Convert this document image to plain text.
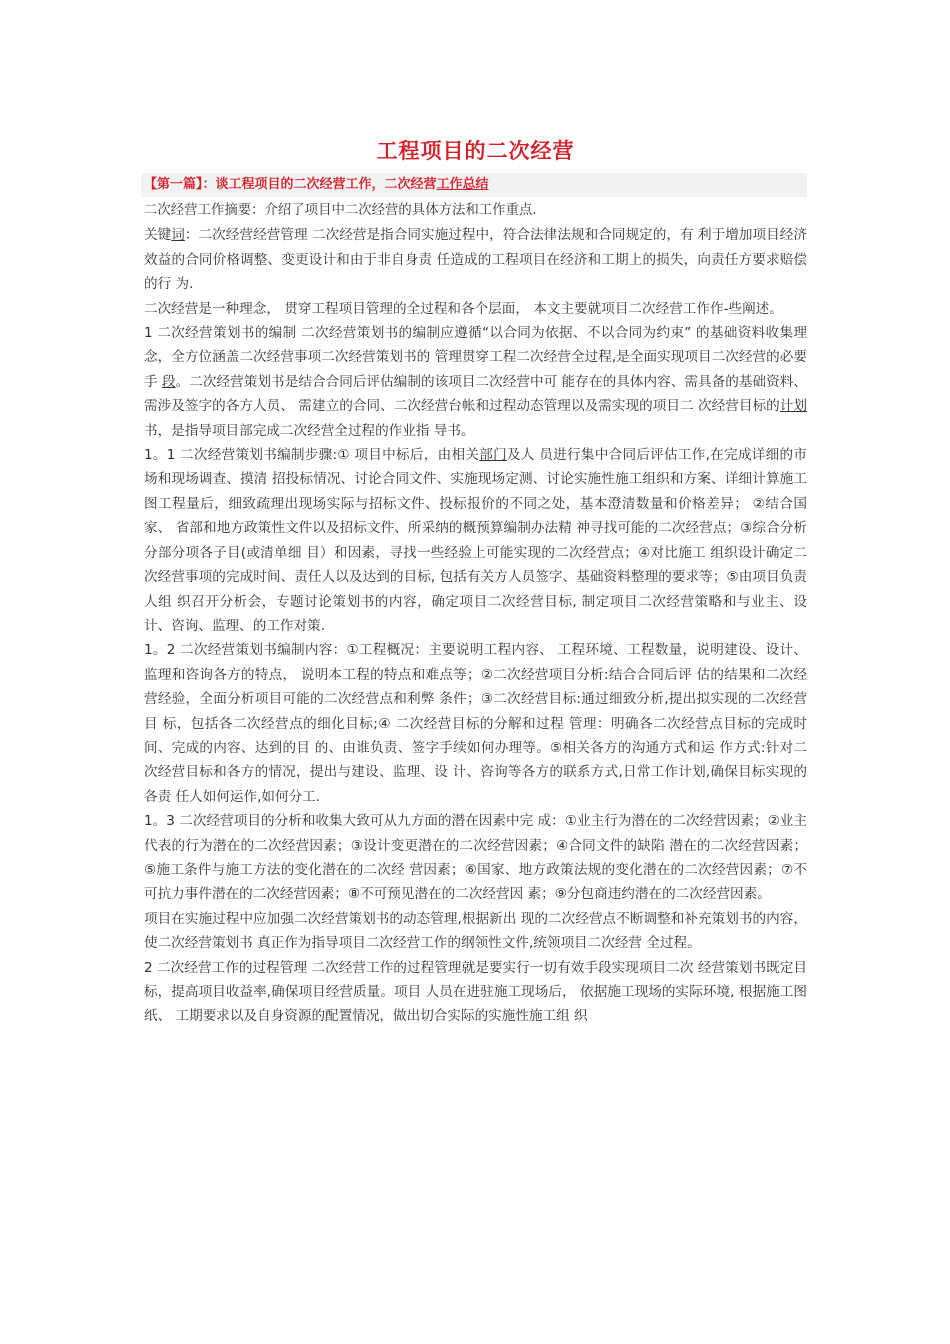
工程项目的二次经营
【第一篇】：谈工程项目的二次经营工作，二次经营工作总结

二次经营工作摘要：介绍了项目中二次经营的具体方法和工作重点.

关键词：二次经营经营管理 二次经营是指合同实施过程中，符合法律法规和合同规定的，有 利于增加项目经济效益的合同价格调整、变更设计和由于非自身责 任造成的工程项目在经济和工期上的损失，向责任方要求赔偿的行 为.

二次经营是一种理念， 贯穿工程项目管理的全过程和各个层面， 本文主要就项目二次经营工作作-些阐述。

1 二次经营策划书的编制 二次经营策划书的编制应遵循“以合同为依据、不以合同为约束” 的基础资料收集理念，全方位涵盖二次经营事项二次经营策划书的 管理贯穿工程二次经营全过程,是全面实现项目二次经营的必要手 段。二次经营策划书是结合合同后评估编制的该项目二次经营中可 能存在的具体内容、需具备的基础资料、需涉及签字的各方人员、 需建立的合同、二次经营台帐和过程动态管理以及需实现的项目二 次经营目标的计划书，是指导项目部完成二次经营全过程的作业指 导书。

1。1 二次经营策划书编制步骤:① 项目中标后，由相关部门及人 员进行集中合同后评估工作,在完成详细的市场和现场调查、摸清 招投标情况、讨论合同文件、实施现场定测、讨论实施性施工组织和方案、详细计算施工图工程量后，细致疏理出现场实际与招标文件、投标报价的不同之处，基本澄清数量和价格差异； ②结合国家、 省部和地方政策性文件以及招标文件、所采纳的概预算编制办法精 神寻找可能的二次经营点；③综合分析分部分项各子目(或清单细 目）和因素，寻找一些经验上可能实现的二次经营点；④对比施工 组织设计确定二次经营事项的完成时间、责任人以及达到的目标, 包括有关方人员签字、基础资料整理的要求等；⑤由项目负责人组 织召开分析会，专题讨论策划书的内容，确定项目二次经营目标, 制定项目二次经营策略和与业主、设计、咨询、监理、的工作对策.

1。2 二次经营策划书编制内容：①工程概况：主要说明工程内容、 工程环境、工程数量，说明建设、设计、监理和咨询各方的特点， 说明本工程的特点和难点等；②二次经营项目分析:结合合同后评 估的结果和二次经营经验，全面分析项目可能的二次经营点和利弊 条件；③二次经营目标:通过细致分析,提出拟实现的二次经营目 标，包括各二次经营点的细化目标;④ 二次经营目标的分解和过程 管理：明确各二次经营点目标的完成时间、完成的内容、达到的目 的、由谁负责、签字手续如何办理等。⑤相关各方的沟通方式和运 作方式:针对二次经营目标和各方的情况，提出与建设、监理、设 计、咨询等各方的联系方式,日常工作计划,确保目标实现的各责 任人如何运作,如何分工.

1。3 二次经营项目的分析和收集大致可从九方面的潜在因素中完 成：①业主行为潜在的二次经营因素；②业主代表的行为潜在的二次经营因素；③设计变更潜在的二次经营因素；④合同文件的缺陷 潜在的二次经营因素；⑤施工条件与施工方法的变化潜在的二次经 营因素；⑥国家、地方政策法规的变化潜在的二次经营因素；⑦不 可抗力事件潜在的二次经营因素；⑧不可预见潜在的二次经营因 素；⑨分包商违约潜在的二次经营因素。

项目在实施过程中应加强二次经营策划书的动态管理,根据新出 现的二次经营点不断调整和补充策划书的内容，使二次经营策划书 真正作为指导项目二次经营工作的纲领性文件,统领项目二次经营 全过程。

2 二次经营工作的过程管理 二次经营工作的过程管理就是要实行一切有效手段实现项目二次 经营策划书既定目标，提高项目收益率,确保项目经营质量。项目 人员在进驻施工现场后， 依据施工现场的实际环境, 根据施工图纸、 工期要求以及自身资源的配置情况，做出切合实际的实施性施工组 织
